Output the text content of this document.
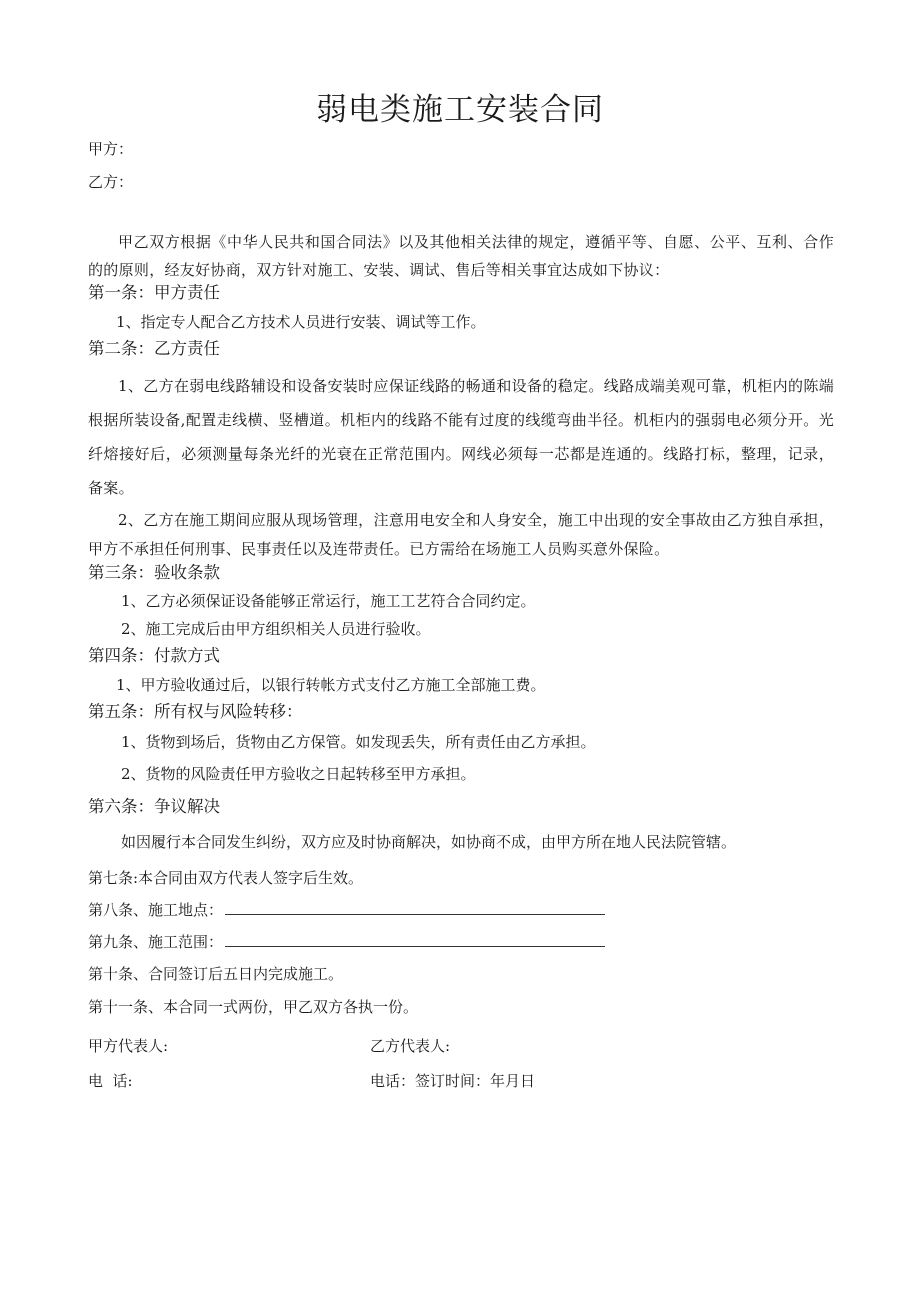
弱电类施工安装合同
甲方：
乙方：
甲乙双方根据《中华人民共和国合同法》以及其他相关法律的规定，遵循平等、自愿、公平、互利、合作的的原则，经友好协商，双方针对施工、安装、调试、售后等相关事宜达成如下协议：
第一条：甲方责任
1、指定专人配合乙方技术人员进行安装、调试等工作。
第二条：乙方责任
1、乙方在弱电线路辅设和设备安装时应保证线路的畅通和设备的稳定。线路成端美观可靠，机柜内的陈端根据所装设备,配置走线横、竖槽道。机柜内的线路不能有过度的线缆弯曲半径。机柜内的强弱电必须分开。光纤熔接好后，必须测量每条光纤的光衰在正常范围内。网线必须每一芯都是连通的。线路打标，整理，记录，备案。
2、乙方在施工期间应服从现场管理，注意用电安全和人身安全，施工中出现的安全事故由乙方独自承担，甲方不承担任何刑事、民事责任以及连带责任。已方需给在场施工人员购买意外保险。
第三条：验收条款
1、乙方必须保证设备能够正常运行，施工工艺符合合同约定。
2、施工完成后由甲方组织相关人员进行验收。
第四条：付款方式
1、甲方验收通过后，以银行转帐方式支付乙方施工全部施工费。
第五条：所有权与风险转移：
1、货物到场后，货物由乙方保管。如发现丢失，所有责任由乙方承担。
2、货物的风险责任甲方验收之日起转移至甲方承担。
第六条：争议解决
如因履行本合同发生纠纷，双方应及时协商解决，如协商不成，由甲方所在地人民法院管辖。
第七条:本合同由双方代表人签字后生效。
第八条、施工地点：
第九条、施工范围：
第十条、合同签订后五日内完成施工。
第十一条、本合同一式两份，甲乙双方各执一份。
甲方代表人:	乙方代表人:
电  话:	电话：签订时间：年月日
